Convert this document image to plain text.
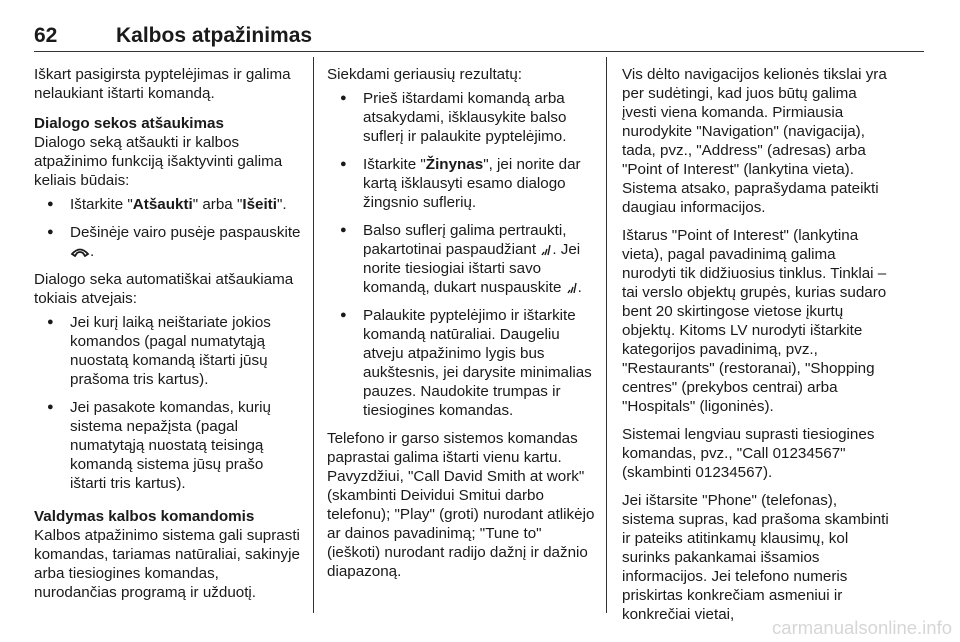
62	Kalbos atpažinimas

Iškart pasigirsta pyptelėjimas ir galima nelaukiant ištarti komandą.

Dialogo sekos atšaukimas

Dialogo seką atšaukti ir kalbos atpažinimo funkciją išaktyvinti galima keliais būdais:

● Ištarkite "Atšaukti" arba "Išeiti".

● Dešinėje vairo pusėje paspauskite .

Dialogo seka automatiškai atšaukiama tokiais atvejais:

● Jei kurį laiką neištariate jokios komandos (pagal numatytąją nuostatą komandą ištarti jūsų prašoma tris kartus).

● Jei pasakote komandas, kurių sistema nepažįsta (pagal numatytąją nuostatą teisingą komandą sistema jūsų prašo ištarti tris kartus).

Valdymas kalbos komandomis

Kalbos atpažinimo sistema gali suprasti komandas, tariamas natūraliai, sakinyje arba tiesiogines komandas, nurodančias programą ir užduotį.

Siekdami geriausių rezultatų:

● Prieš ištardami komandą arba atsakydami, išklausykite balso suflerį ir palaukite pyptelėjimo.

● Ištarkite "Žinynas", jei norite dar kartą išklausyti esamo dialogo žingsnio suflerių.

● Balso suflerį galima pertraukti, pakartotinai paspaudžiant . Jei norite tiesiogiai ištarti savo komandą, dukart nuspauskite .

● Palaukite pyptelėjimo ir ištarkite komandą natūraliai. Daugeliu atveju atpažinimo lygis bus aukštesnis, jei darysite minimalias pauzes. Naudokite trumpas ir tiesiogines komandas.

Telefono ir garso sistemos komandas paprastai galima ištarti vienu kartu. Pavyzdžiui, "Call David Smith at work" (skambinti Deividui Smitui darbo telefonu); "Play" (groti) nurodant atlikėjo ar dainos pavadinimą; "Tune to" (ieškoti) nurodant radijo dažnį ir dažnio diapazoną.

Vis dėlto navigacijos kelionės tikslai yra per sudėtingi, kad juos būtų galima įvesti viena komanda. Pirmiausia nurodykite "Navigation" (navigacija), tada, pvz., "Address" (adresas) arba "Point of Interest" (lankytina vieta). Sistema atsako, paprašydama pateikti daugiau informacijos.

Ištarus "Point of Interest" (lankytina vieta), pagal pavadinimą galima nurodyti tik didžiuosius tinklus. Tinklai – tai verslo objektų grupės, kurias sudaro bent 20 skirtingose vietose įkurtų objektų. Kitoms LV nurodyti ištarkite kategorijos pavadinimą, pvz., "Restaurants" (restoranai), "Shopping centres" (prekybos centrai) arba "Hospitals" (ligoninės).

Sistemai lengviau suprasti tiesiogines komandas, pvz., "Call 01234567" (skambinti 01234567).

Jei ištarsite "Phone" (telefonas), sistema supras, kad prašoma skambinti ir pateiks atitinkamų klausimų, kol surinks pakankamai išsamios informacijos. Jei telefono numeris priskirtas konkrečiam asmeniui ir konkrečiai vietai,

carmanualsonline.info
